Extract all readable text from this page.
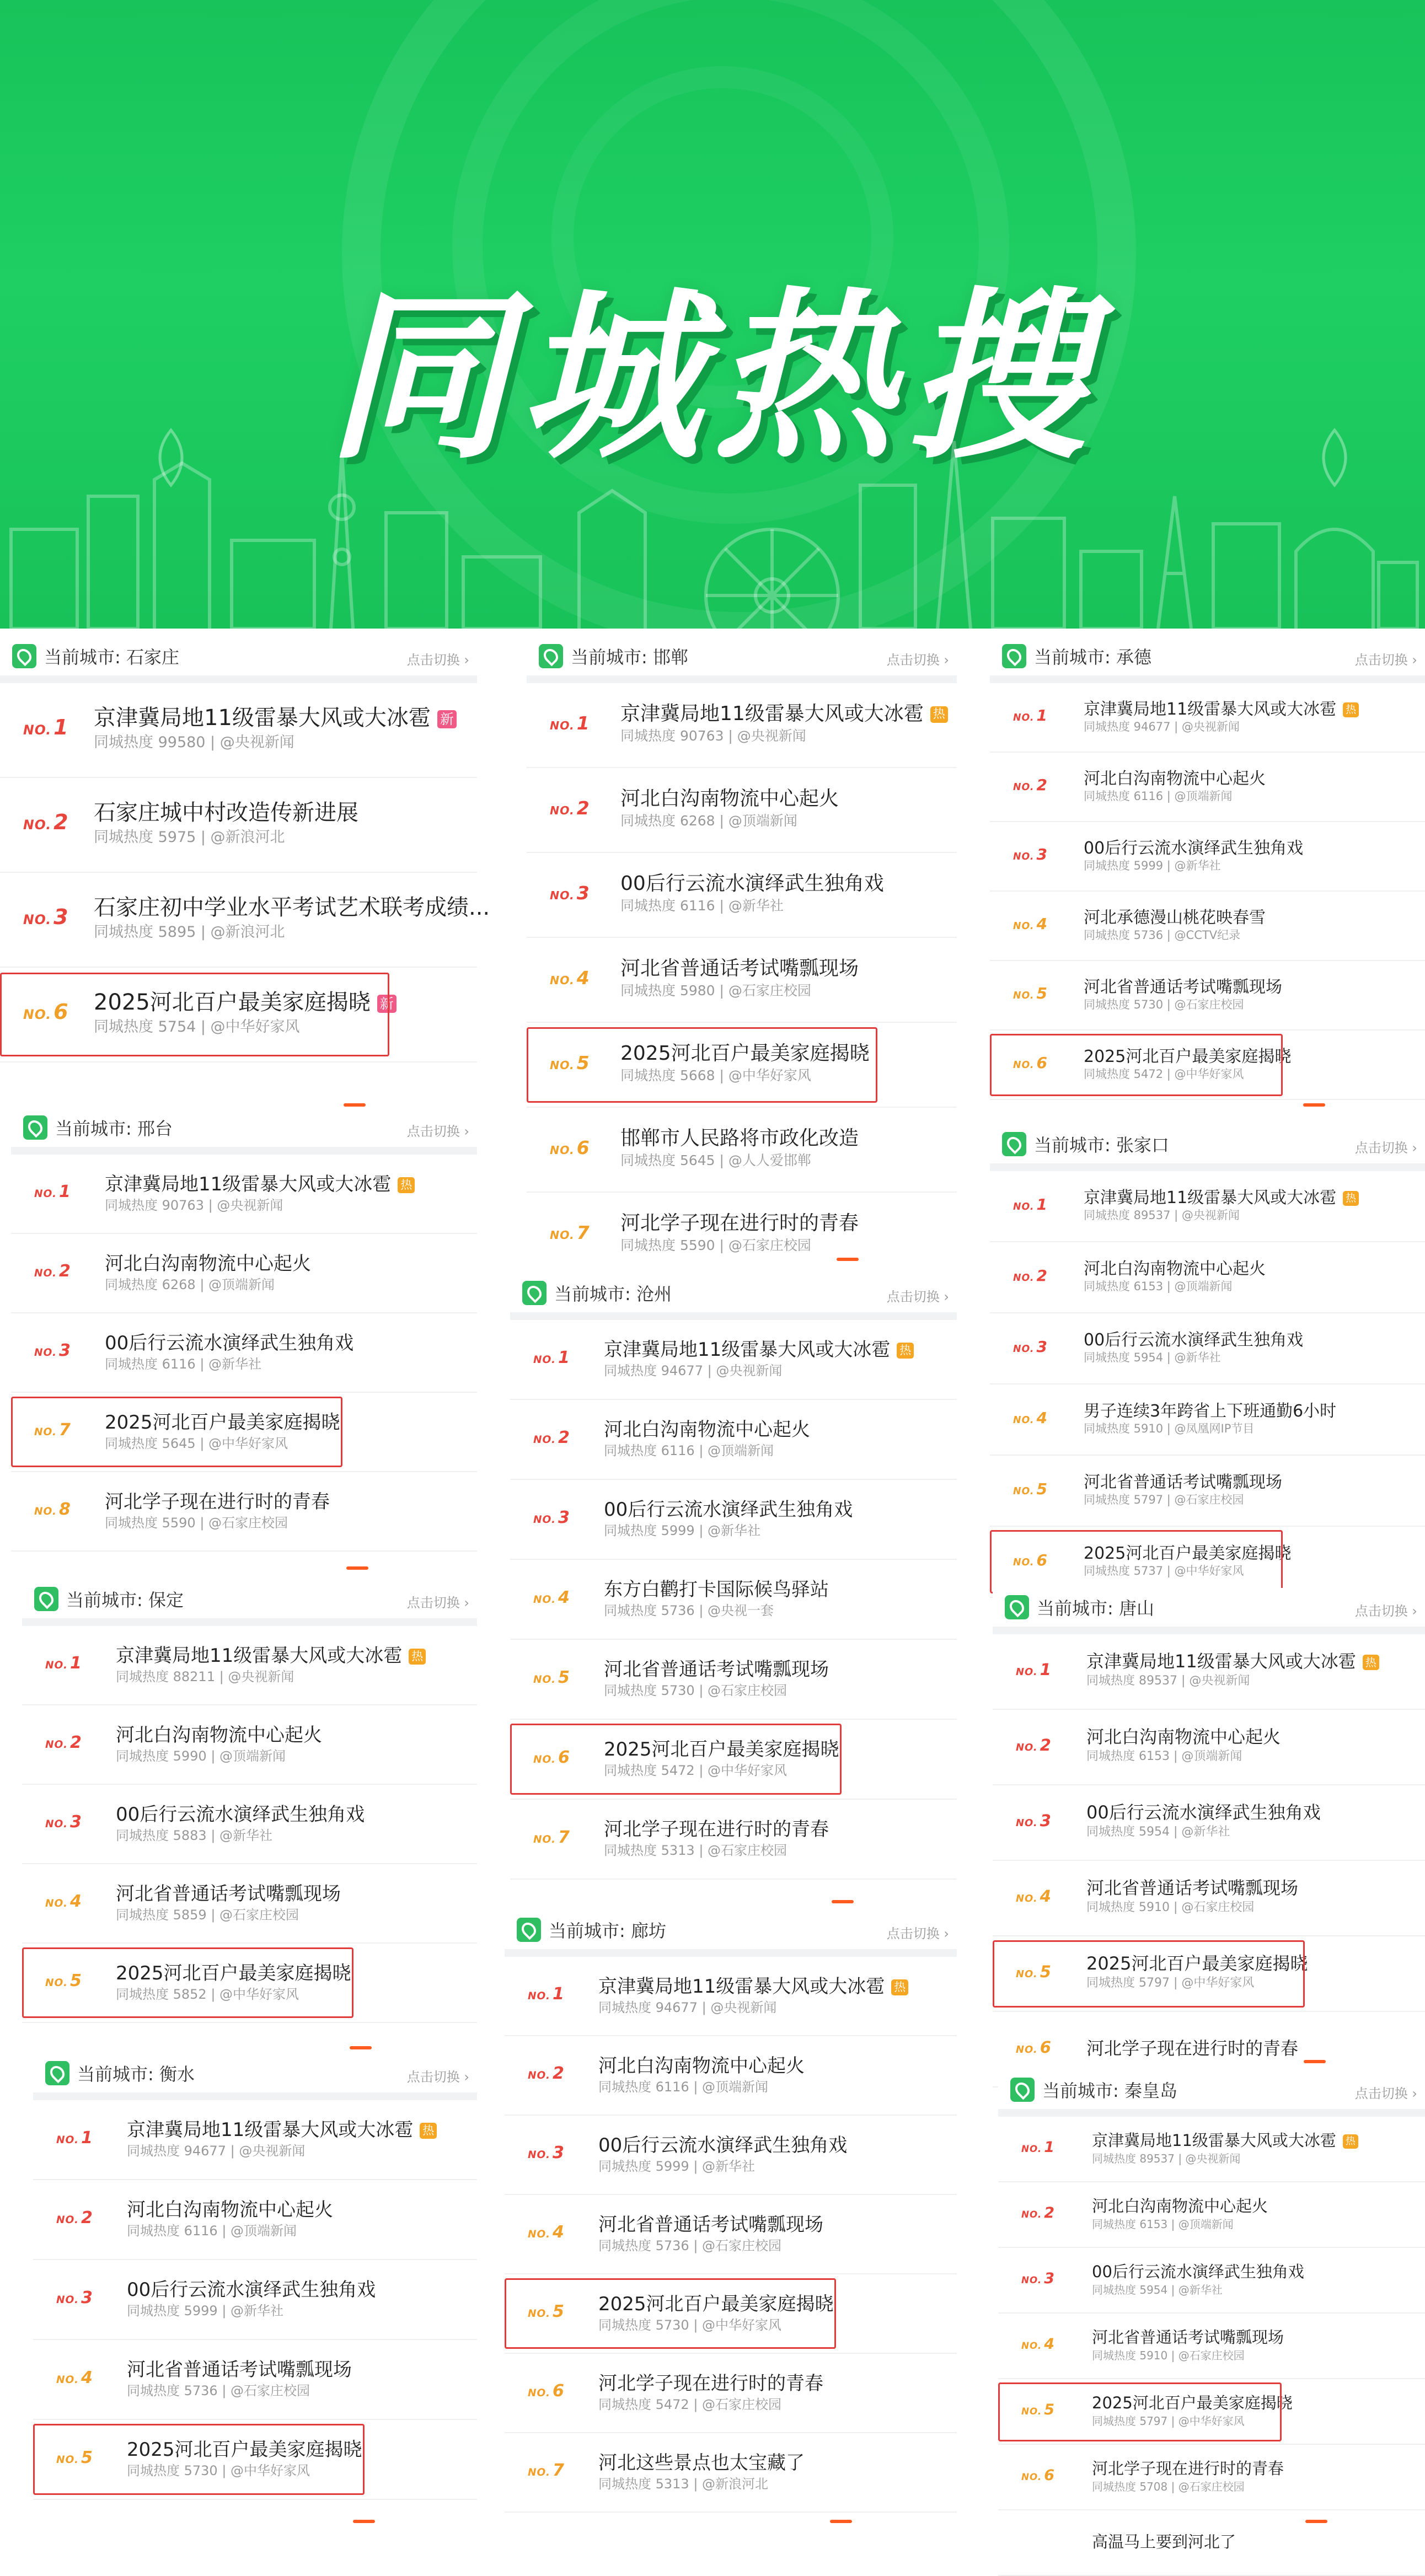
同城热搜
当前城市: 石家庄	点击切换 ›
NO. 1 京津冀局地11级雷暴大风或大冰雹 新
同城热度 99580 | @央视新闻
NO. 2 石家庄城中村改造传新进展
同城热度 5975 | @新浪河北
NO. 3 石家庄初中学业水平考试艺术联考成绩...
同城热度 5895 | @新浪河北
NO. 6 2025河北百户最美家庭揭晓 新
同城热度 5754 | @中华好家风
当前城市: 邯郸	点击切换 ›
NO. 1 京津冀局地11级雷暴大风或大冰雹 热
同城热度 90763 | @央视新闻
NO. 2 河北白沟南物流中心起火
同城热度 6268 | @顶端新闻
NO. 3 00后行云流水演绎武生独角戏
同城热度 6116 | @新华社
NO. 4 河北省普通话考试嘴瓢现场
同城热度 5980 | @石家庄校园
NO. 5 2025河北百户最美家庭揭晓
同城热度 5668 | @中华好家风
NO. 6 邯郸市人民路将市政化改造
同城热度 5645 | @人人爱邯郸
NO. 7 河北学子现在进行时的青春
同城热度 5590 | @石家庄校园
当前城市: 承德	点击切换 ›
NO. 1 京津冀局地11级雷暴大风或大冰雹 热
同城热度 94677 | @央视新闻
NO. 2 河北白沟南物流中心起火
同城热度 6116 | @顶端新闻
NO. 3 00后行云流水演绎武生独角戏
同城热度 5999 | @新华社
NO. 4 河北承德漫山桃花映春雪
同城热度 5736 | @CCTV纪录
NO. 5 河北省普通话考试嘴瓢现场
同城热度 5730 | @石家庄校园
NO. 6 2025河北百户最美家庭揭晓
同城热度 5472 | @中华好家风
当前城市: 邢台	点击切换 ›
NO. 1 京津冀局地11级雷暴大风或大冰雹 热
同城热度 90763 | @央视新闻
NO. 2 河北白沟南物流中心起火
同城热度 6268 | @顶端新闻
NO. 3 00后行云流水演绎武生独角戏
同城热度 6116 | @新华社
NO. 7 2025河北百户最美家庭揭晓
同城热度 5645 | @中华好家风
NO. 8 河北学子现在进行时的青春
同城热度 5590 | @石家庄校园
当前城市: 张家口	点击切换 ›
NO. 1 京津冀局地11级雷暴大风或大冰雹 热
同城热度 89537 | @央视新闻
NO. 2 河北白沟南物流中心起火
同城热度 6153 | @顶端新闻
NO. 3 00后行云流水演绎武生独角戏
同城热度 5954 | @新华社
NO. 4 男子连续3年跨省上下班通勤6小时
同城热度 5910 | @凤凰网IP节目
NO. 5 河北省普通话考试嘴瓢现场
同城热度 5797 | @石家庄校园
NO. 6 2025河北百户最美家庭揭晓
同城热度 5737 | @中华好家风
当前城市: 沧州	点击切换 ›
NO. 1 京津冀局地11级雷暴大风或大冰雹 热
同城热度 94677 | @央视新闻
NO. 2 河北白沟南物流中心起火
同城热度 6116 | @顶端新闻
NO. 3 00后行云流水演绎武生独角戏
同城热度 5999 | @新华社
NO. 4 东方白鹳打卡国际候鸟驿站
同城热度 5736 | @央视一套
NO. 5 河北省普通话考试嘴瓢现场
同城热度 5730 | @石家庄校园
NO. 6 2025河北百户最美家庭揭晓
同城热度 5472 | @中华好家风
NO. 7 河北学子现在进行时的青春
同城热度 5313 | @石家庄校园
当前城市: 保定	点击切换 ›
NO. 1 京津冀局地11级雷暴大风或大冰雹 热
同城热度 88211 | @央视新闻
NO. 2 河北白沟南物流中心起火
同城热度 5990 | @顶端新闻
NO. 3 00后行云流水演绎武生独角戏
同城热度 5883 | @新华社
NO. 4 河北省普通话考试嘴瓢现场
同城热度 5859 | @石家庄校园
NO. 5 2025河北百户最美家庭揭晓
同城热度 5852 | @中华好家风
当前城市: 唐山	点击切换 ›
NO. 1 京津冀局地11级雷暴大风或大冰雹 热
同城热度 89537 | @央视新闻
NO. 2 河北白沟南物流中心起火
同城热度 6153 | @顶端新闻
NO. 3 00后行云流水演绎武生独角戏
同城热度 5954 | @新华社
NO. 4 河北省普通话考试嘴瓢现场
同城热度 5910 | @石家庄校园
NO. 5 2025河北百户最美家庭揭晓
同城热度 5797 | @中华好家风
NO. 6 河北学子现在进行时的青春
当前城市: 廊坊	点击切换 ›
NO. 1 京津冀局地11级雷暴大风或大冰雹 热
同城热度 94677 | @央视新闻
NO. 2 河北白沟南物流中心起火
同城热度 6116 | @顶端新闻
NO. 3 00后行云流水演绎武生独角戏
同城热度 5999 | @新华社
NO. 4 河北省普通话考试嘴瓢现场
同城热度 5736 | @石家庄校园
NO. 5 2025河北百户最美家庭揭晓
同城热度 5730 | @中华好家风
NO. 6 河北学子现在进行时的青春
同城热度 5472 | @石家庄校园
NO. 7 河北这些景点也太宝藏了
同城热度 5313 | @新浪河北
当前城市: 衡水	点击切换 ›
NO. 1 京津冀局地11级雷暴大风或大冰雹 热
同城热度 94677 | @央视新闻
NO. 2 河北白沟南物流中心起火
同城热度 6116 | @顶端新闻
NO. 3 00后行云流水演绎武生独角戏
同城热度 5999 | @新华社
NO. 4 河北省普通话考试嘴瓢现场
同城热度 5736 | @石家庄校园
NO. 5 2025河北百户最美家庭揭晓
同城热度 5730 | @中华好家风
当前城市: 秦皇岛	点击切换 ›
NO. 1 京津冀局地11级雷暴大风或大冰雹 热
同城热度 89537 | @央视新闻
NO. 2 河北白沟南物流中心起火
同城热度 6153 | @顶端新闻
NO. 3 00后行云流水演绎武生独角戏
同城热度 5954 | @新华社
NO. 4 河北省普通话考试嘴瓢现场
同城热度 5910 | @石家庄校园
NO. 5 2025河北百户最美家庭揭晓
同城热度 5797 | @中华好家风
NO. 6 河北学子现在进行时的青春
同城热度 5708 | @石家庄校园
高温马上要到河北了
